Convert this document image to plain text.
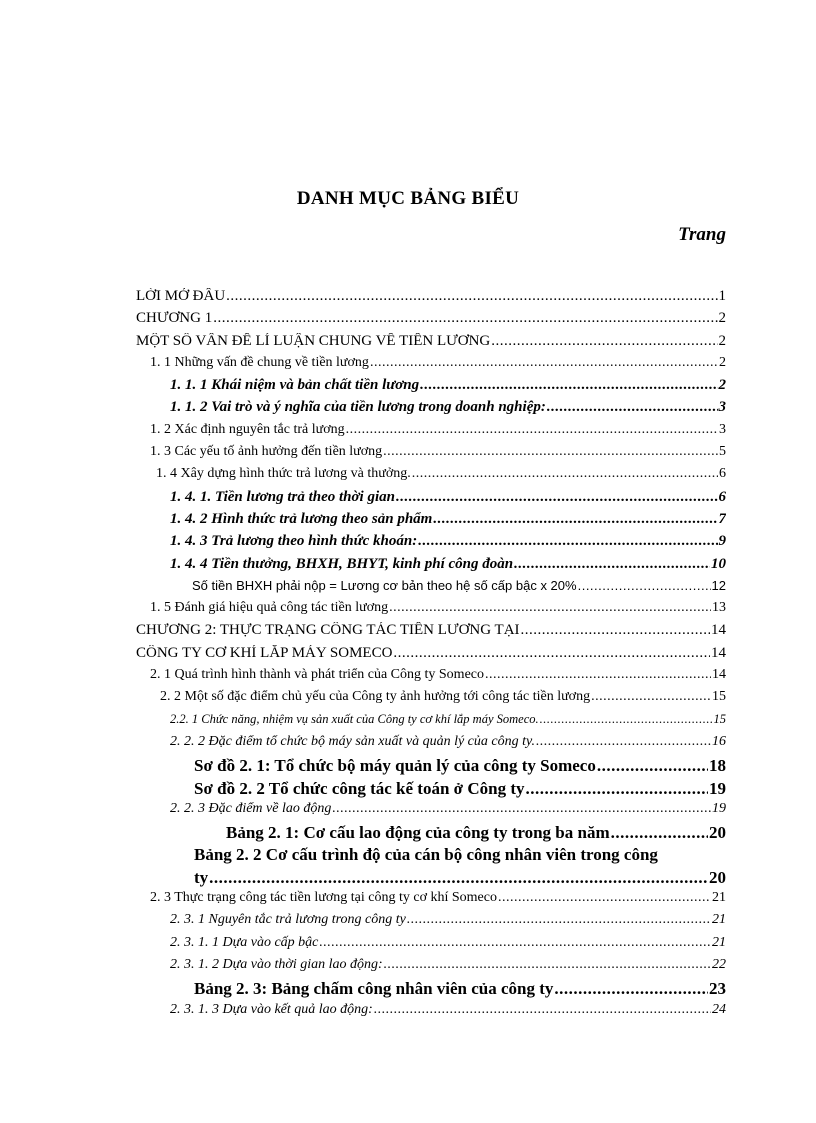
DANH MỤC BẢNG BIỂU
Trang
LỜI MỞ ĐẦU .....	1
CHƯƠNG 1 .....	2
MỘT SỐ VẤN ĐỀ LÍ LUẬN CHUNG VỀ TIỀN LƯƠNG .....	2
1. 1 Những vấn đề chung về tiền lương .....	2
1. 1. 1 Khái niệm và bản chất tiền lương .....	2
1. 1. 2 Vai trò và ý nghĩa của tiền lương trong doanh nghiệp: .....	3
1. 2 Xác định nguyên tắc trả lương .....	3
1. 3 Các yếu tố ảnh hưởng đến tiền lương .....	5
1. 4 Xây dựng hình thức trả lương và thưởng. .....	6
1. 4. 1. Tiền lương trả theo thời gian .....	6
1. 4. 2 Hình thức trả lương theo sản phẩm .....	7
1. 4. 3 Trả lương theo hình thức khoán: .....	9
1. 4. 4 Tiền thưởng, BHXH, BHYT, kinh phí công đoàn .....	10
Số tiền BHXH phải nộp = Lương cơ bản theo hệ số cấp bậc x 20% .....	12
1. 5 Đánh giá hiệu quả công tác tiền lương .....	13
CHƯƠNG 2: THỰC TRẠNG CÔNG TÁC TIỀN LƯƠNG TẠI .....	14
CÔNG TY CƠ KHÍ LẮP MÁY SOMECO .....	14
2. 1 Quá trình hình thành và phát triển của Công ty Someco .....	14
2. 2 Một số đặc điểm chủ yếu của Công ty ảnh hưởng tới công tác tiền lương .....	15
2.2. 1 Chức năng, nhiệm vụ sản xuất của Công ty cơ khí lắp máy Someco. .....	15
2. 2. 2 Đặc điểm tổ chức bộ máy sản xuất và quản lý của công ty. .....	16
Sơ đồ 2. 1: Tổ chức bộ máy quản lý của công ty Someco .....	18
Sơ đồ 2. 2 Tổ chức công tác kế toán ở Công ty .....	19
2. 2. 3 Đặc điểm về lao động .....	19
Bảng 2. 1: Cơ cấu lao động của công ty trong ba năm .....	20
Bảng 2. 2 Cơ cấu trình độ của cán bộ công nhân viên trong công
ty .....	20
2. 3 Thực trạng công tác tiền lương tại công ty cơ khí Someco .....	21
2. 3. 1 Nguyên tắc trả lương trong công ty .....	21
2. 3. 1. 1 Dựa vào cấp bậc .....	21
2. 3. 1. 2 Dựa vào thời gian lao động: .....	22
Bảng 2. 3: Bảng chấm công nhân viên của công ty .....	23
2. 3. 1. 3 Dựa vào kết quả lao động: .....	24
